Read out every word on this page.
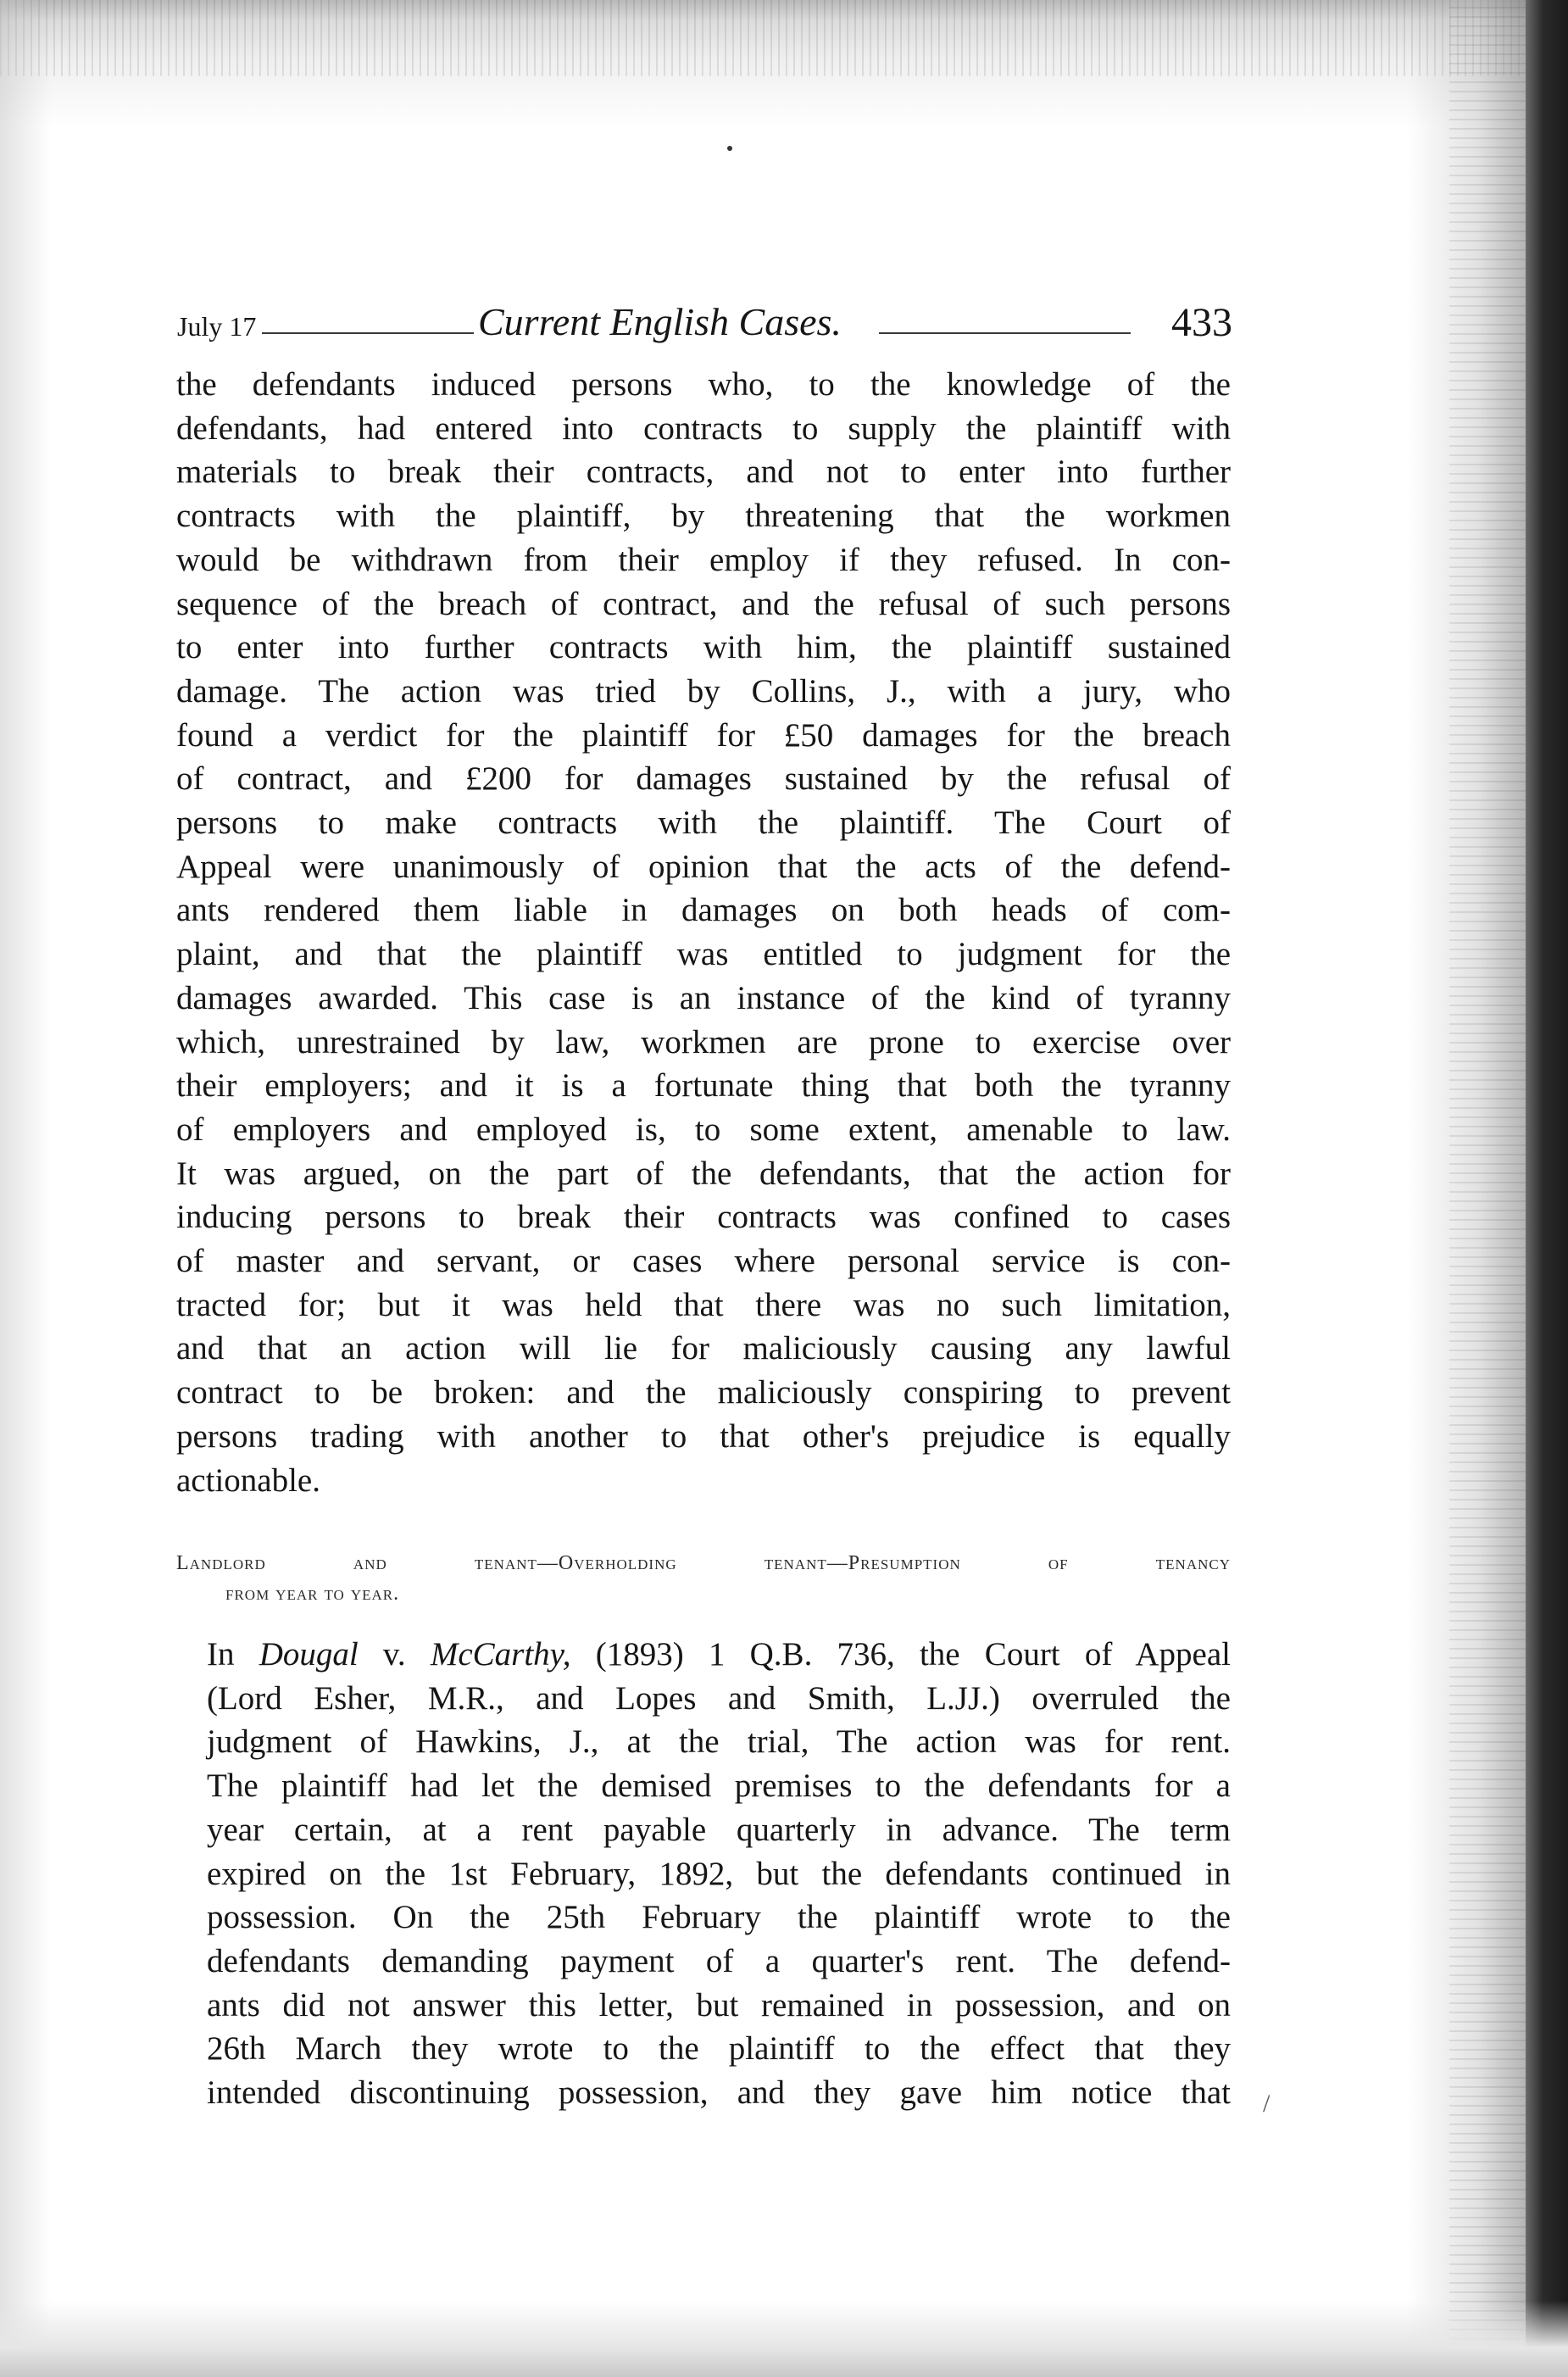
July 17	Current English Cases.	433
the defendants induced persons who, to the knowledge of the
defendants, had entered into contracts to supply the plaintiff with
materials to break their contracts, and not to enter into further
contracts with the plaintiff, by threatening that the workmen
would be withdrawn from their employ if they refused. In con-
sequence of the breach of contract, and the refusal of such persons
to enter into further contracts with him, the plaintiff sustained
damage. The action was tried by Collins, J., with a jury, who
found a verdict for the plaintiff for £50 damages for the breach
of contract, and £200 for damages sustained by the refusal of
persons to make contracts with the plaintiff. The Court of
Appeal were unanimously of opinion that the acts of the defend-
ants rendered them liable in damages on both heads of com-
plaint, and that the plaintiff was entitled to judgment for the
damages awarded. This case is an instance of the kind of tyranny
which, unrestrained by law, workmen are prone to exercise over
their employers; and it is a fortunate thing that both the tyranny
of employers and employed is, to some extent, amenable to law.
It was argued, on the part of the defendants, that the action for
inducing persons to break their contracts was confined to cases
of master and servant, or cases where personal service is con-
tracted for; but it was held that there was no such limitation,
and that an action will lie for maliciously causing any lawful
contract to be broken: and the maliciously conspiring to prevent
persons trading with another to that other's prejudice is equally
actionable.
Landlord and tenant—Overholding tenant—Presumption of tenancy
from year to year.
In Dougal v. McCarthy, (1893) 1 Q.B. 736, the Court of Appeal
(Lord Esher, M.R., and Lopes and Smith, L.JJ.) overruled the
judgment of Hawkins, J., at the trial, The action was for rent.
The plaintiff had let the demised premises to the defendants for a
year certain, at a rent payable quarterly in advance. The term
expired on the 1st February, 1892, but the defendants continued in
possession. On the 25th February the plaintiff wrote to the
defendants demanding payment of a quarter's rent. The defend-
ants did not answer this letter, but remained in possession, and on
26th March they wrote to the plaintiff to the effect that they
intended discontinuing possession, and they gave him notice that /
